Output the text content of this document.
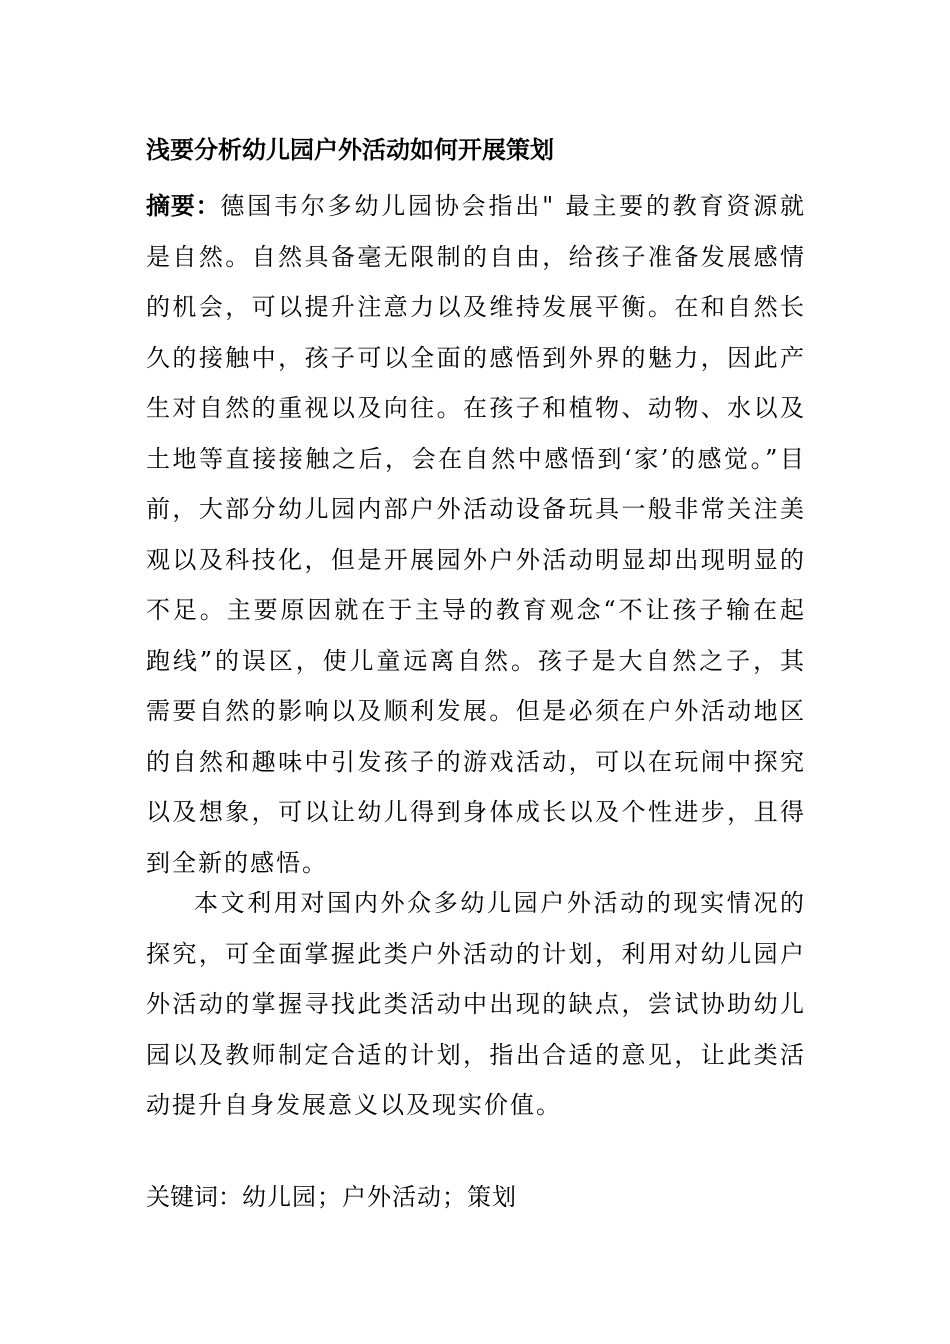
浅要分析幼儿园户外活动如何开展策划

摘要：德国韦尔多幼儿园协会指出" 最主要的教育资源就是自然。自然具备毫无限制的自由，给孩子准备发展感情的机会，可以提升注意力以及维持发展平衡。在和自然长久的接触中，孩子可以全面的感悟到外界的魅力，因此产生对自然的重视以及向往。在孩子和植物、动物、水以及土地等直接接触之后，会在自然中感悟到‘家’的感觉。”目前，大部分幼儿园内部户外活动设备玩具一般非常关注美观以及科技化，但是开展园外户外活动明显却出现明显的不足。主要原因就在于主导的教育观念“不让孩子输在起跑线”的误区，使儿童远离自然。孩子是大自然之子，其需要自然的影响以及顺利发展。但是必须在户外活动地区的自然和趣味中引发孩子的游戏活动，可以在玩闹中探究以及想象，可以让幼儿得到身体成长以及个性进步，且得到全新的感悟。

本文利用对国内外众多幼儿园户外活动的现实情况的探究，可全面掌握此类户外活动的计划，利用对幼儿园户外活动的掌握寻找此类活动中出现的缺点，尝试协助幼儿园以及教师制定合适的计划，指出合适的意见，让此类活动提升自身发展意义以及现实价值。

关键词：幼儿园；户外活动；策划
